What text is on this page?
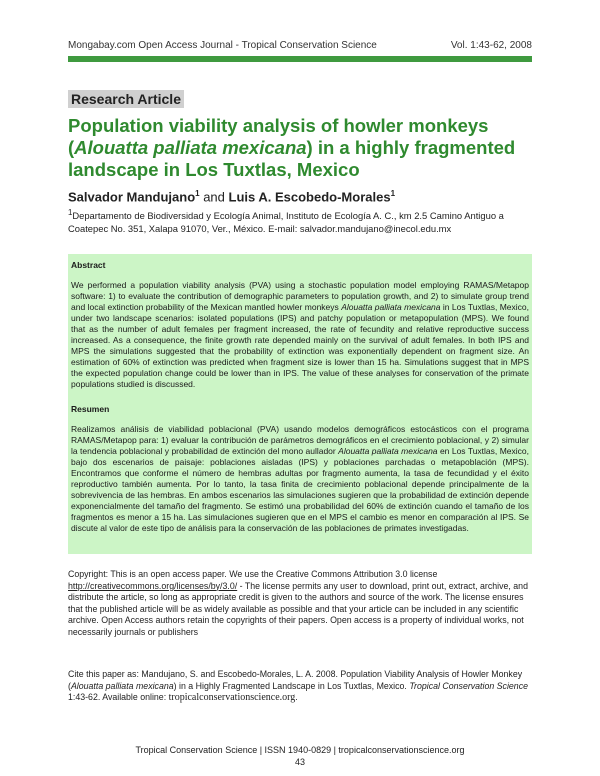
Mongabay.com Open Access Journal - Tropical Conservation Science	Vol. 1:43-62, 2008
Research Article
Population viability analysis of howler monkeys (Alouatta palliata mexicana) in a highly fragmented landscape in Los Tuxtlas, Mexico
Salvador Mandujano$^1$ and Luis A. Escobedo-Morales$^1$
$^1$Departamento de Biodiversidad y Ecología Animal, Instituto de Ecología A. C., km 2.5 Camino Antiguo a Coatepec No. 351, Xalapa 91070, Ver., México. E-mail: salvador.mandujano@inecol.edu.mx
Abstract
We performed a population viability analysis (PVA) using a stochastic population model employing RAMAS/Metapop software: 1) to evaluate the contribution of demographic parameters to population growth, and 2) to simulate group trend and local extinction probability of the Mexican mantled howler monkeys Alouatta palliata mexicana in Los Tuxtlas, Mexico, under two landscape scenarios: isolated populations (IPS) and patchy population or metapopulation (MPS). We found that as the number of adult females per fragment increased, the rate of fecundity and relative reproductive success increased. As a consequence, the finite growth rate depended mainly on the survival of adult females. In both IPS and MPS the simulations suggested that the probability of extinction was exponentially dependent on fragment size. An estimation of 60% of extinction was predicted when fragment size is lower than 15 ha. Simulations suggest that in MPS the expected population change could be lower than in IPS. The value of these analyses for conservation of the primate populations studied is discussed.
Resumen
Realizamos análisis de viabilidad poblacional (PVA) usando modelos demográficos estocásticos con el programa RAMAS/Metapop para: 1) evaluar la contribución de parámetros demográficos en el crecimiento poblacional, y 2) simular la tendencia poblacional y probabilidad de extinción del mono aullador Alouatta palliata mexicana en Los Tuxtlas, Mexico, bajo dos escenarios de paisaje: poblaciones aisladas (IPS) y poblaciones parchadas o metapoblación (MPS). Encontramos que conforme el número de hembras adultas por fragmento aumenta, la tasa de fecundidad y el éxito reproductivo también aumenta. Por lo tanto, la tasa finita de crecimiento poblacional depende principalmente de la sobrevivencia de las hembras. En ambos escenarios las simulaciones sugieren que la probabilidad de extinción depende exponencialmente del tamaño del fragmento. Se estimó una probabilidad del 60% de extinción cuando el tamaño de los fragmentos es menor a 15 ha. Las simulaciones sugieren que en el MPS el cambio es menor en comparación al IPS. Se discute al valor de este tipo de análisis para la conservación de las poblaciones de primates investigadas.
Copyright: This is an open access paper. We use the Creative Commons Attribution 3.0 license http://creativecommons.org/licenses/by/3.0/ - The license permits any user to download, print out, extract, archive, and distribute the article, so long as appropriate credit is given to the authors and source of the work. The license ensures that the published article will be as widely available as possible and that your article can be included in any scientific archive. Open Access authors retain the copyrights of their papers. Open access is a property of individual works, not necessarily journals or publishers
Cite this paper as: Mandujano, S. and Escobedo-Morales, L. A. 2008. Population Viability Analysis of Howler Monkey (Alouatta palliata mexicana) in a Highly Fragmented Landscape in Los Tuxtlas, Mexico. Tropical Conservation Science 1:43-62. Available online: tropicalconservationscience.org.
Tropical Conservation Science | ISSN 1940-0829 | tropicalconservationscience.org
43
